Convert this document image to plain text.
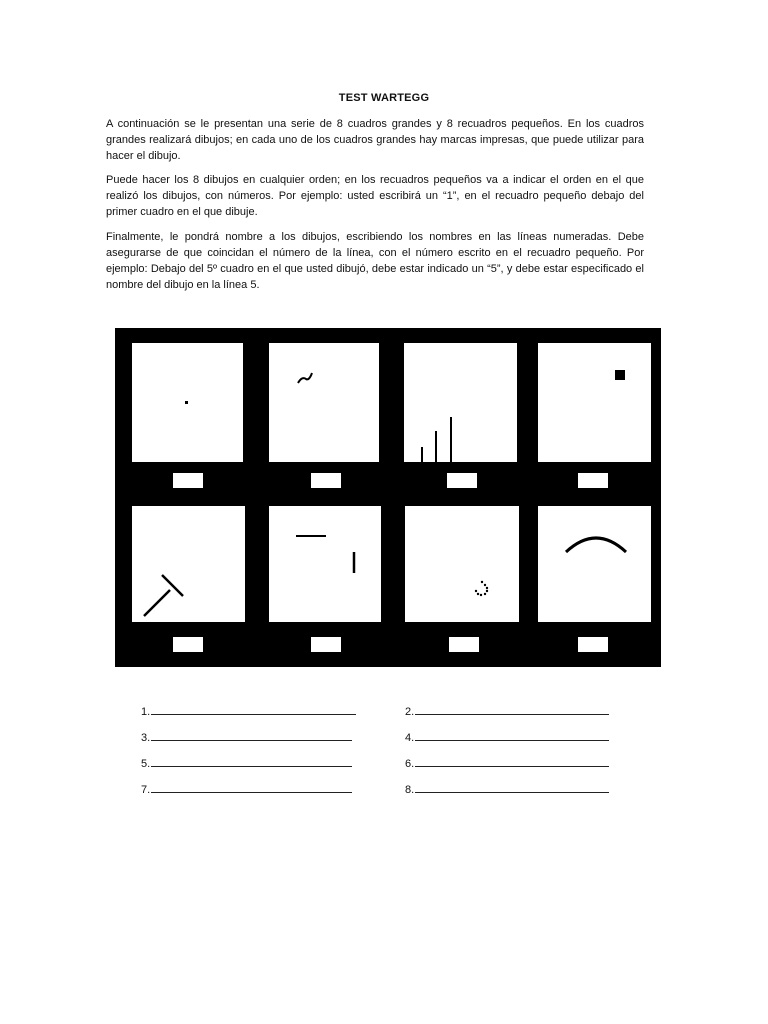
TEST WARTEGG

A continuación se le presentan una serie de 8 cuadros grandes y 8 recuadros pequeños. En los cuadros grandes realizará dibujos; en cada uno de los cuadros grandes hay marcas impresas, que puede utilizar para hacer el dibujo.

Puede hacer los 8 dibujos en cualquier orden; en los recuadros pequeños va a indicar el orden en el que realizó los dibujos, con números. Por ejemplo: usted escribirá un “1”, en el recuadro pequeño debajo del primer cuadro en el que dibuje.

Finalmente, le pondrá nombre a los dibujos, escribiendo los nombres en las líneas numeradas. Debe asegurarse de que coincidan el número de la línea, con el número escrito en el recuadro pequeño. Por ejemplo: Debajo del 5º cuadro en el que usted dibujó, debe estar indicado un “5”, y debe estar especificado el nombre del dibujo en la línea 5.

1.	2.
3.	4.
5.	6.
7.	8.
